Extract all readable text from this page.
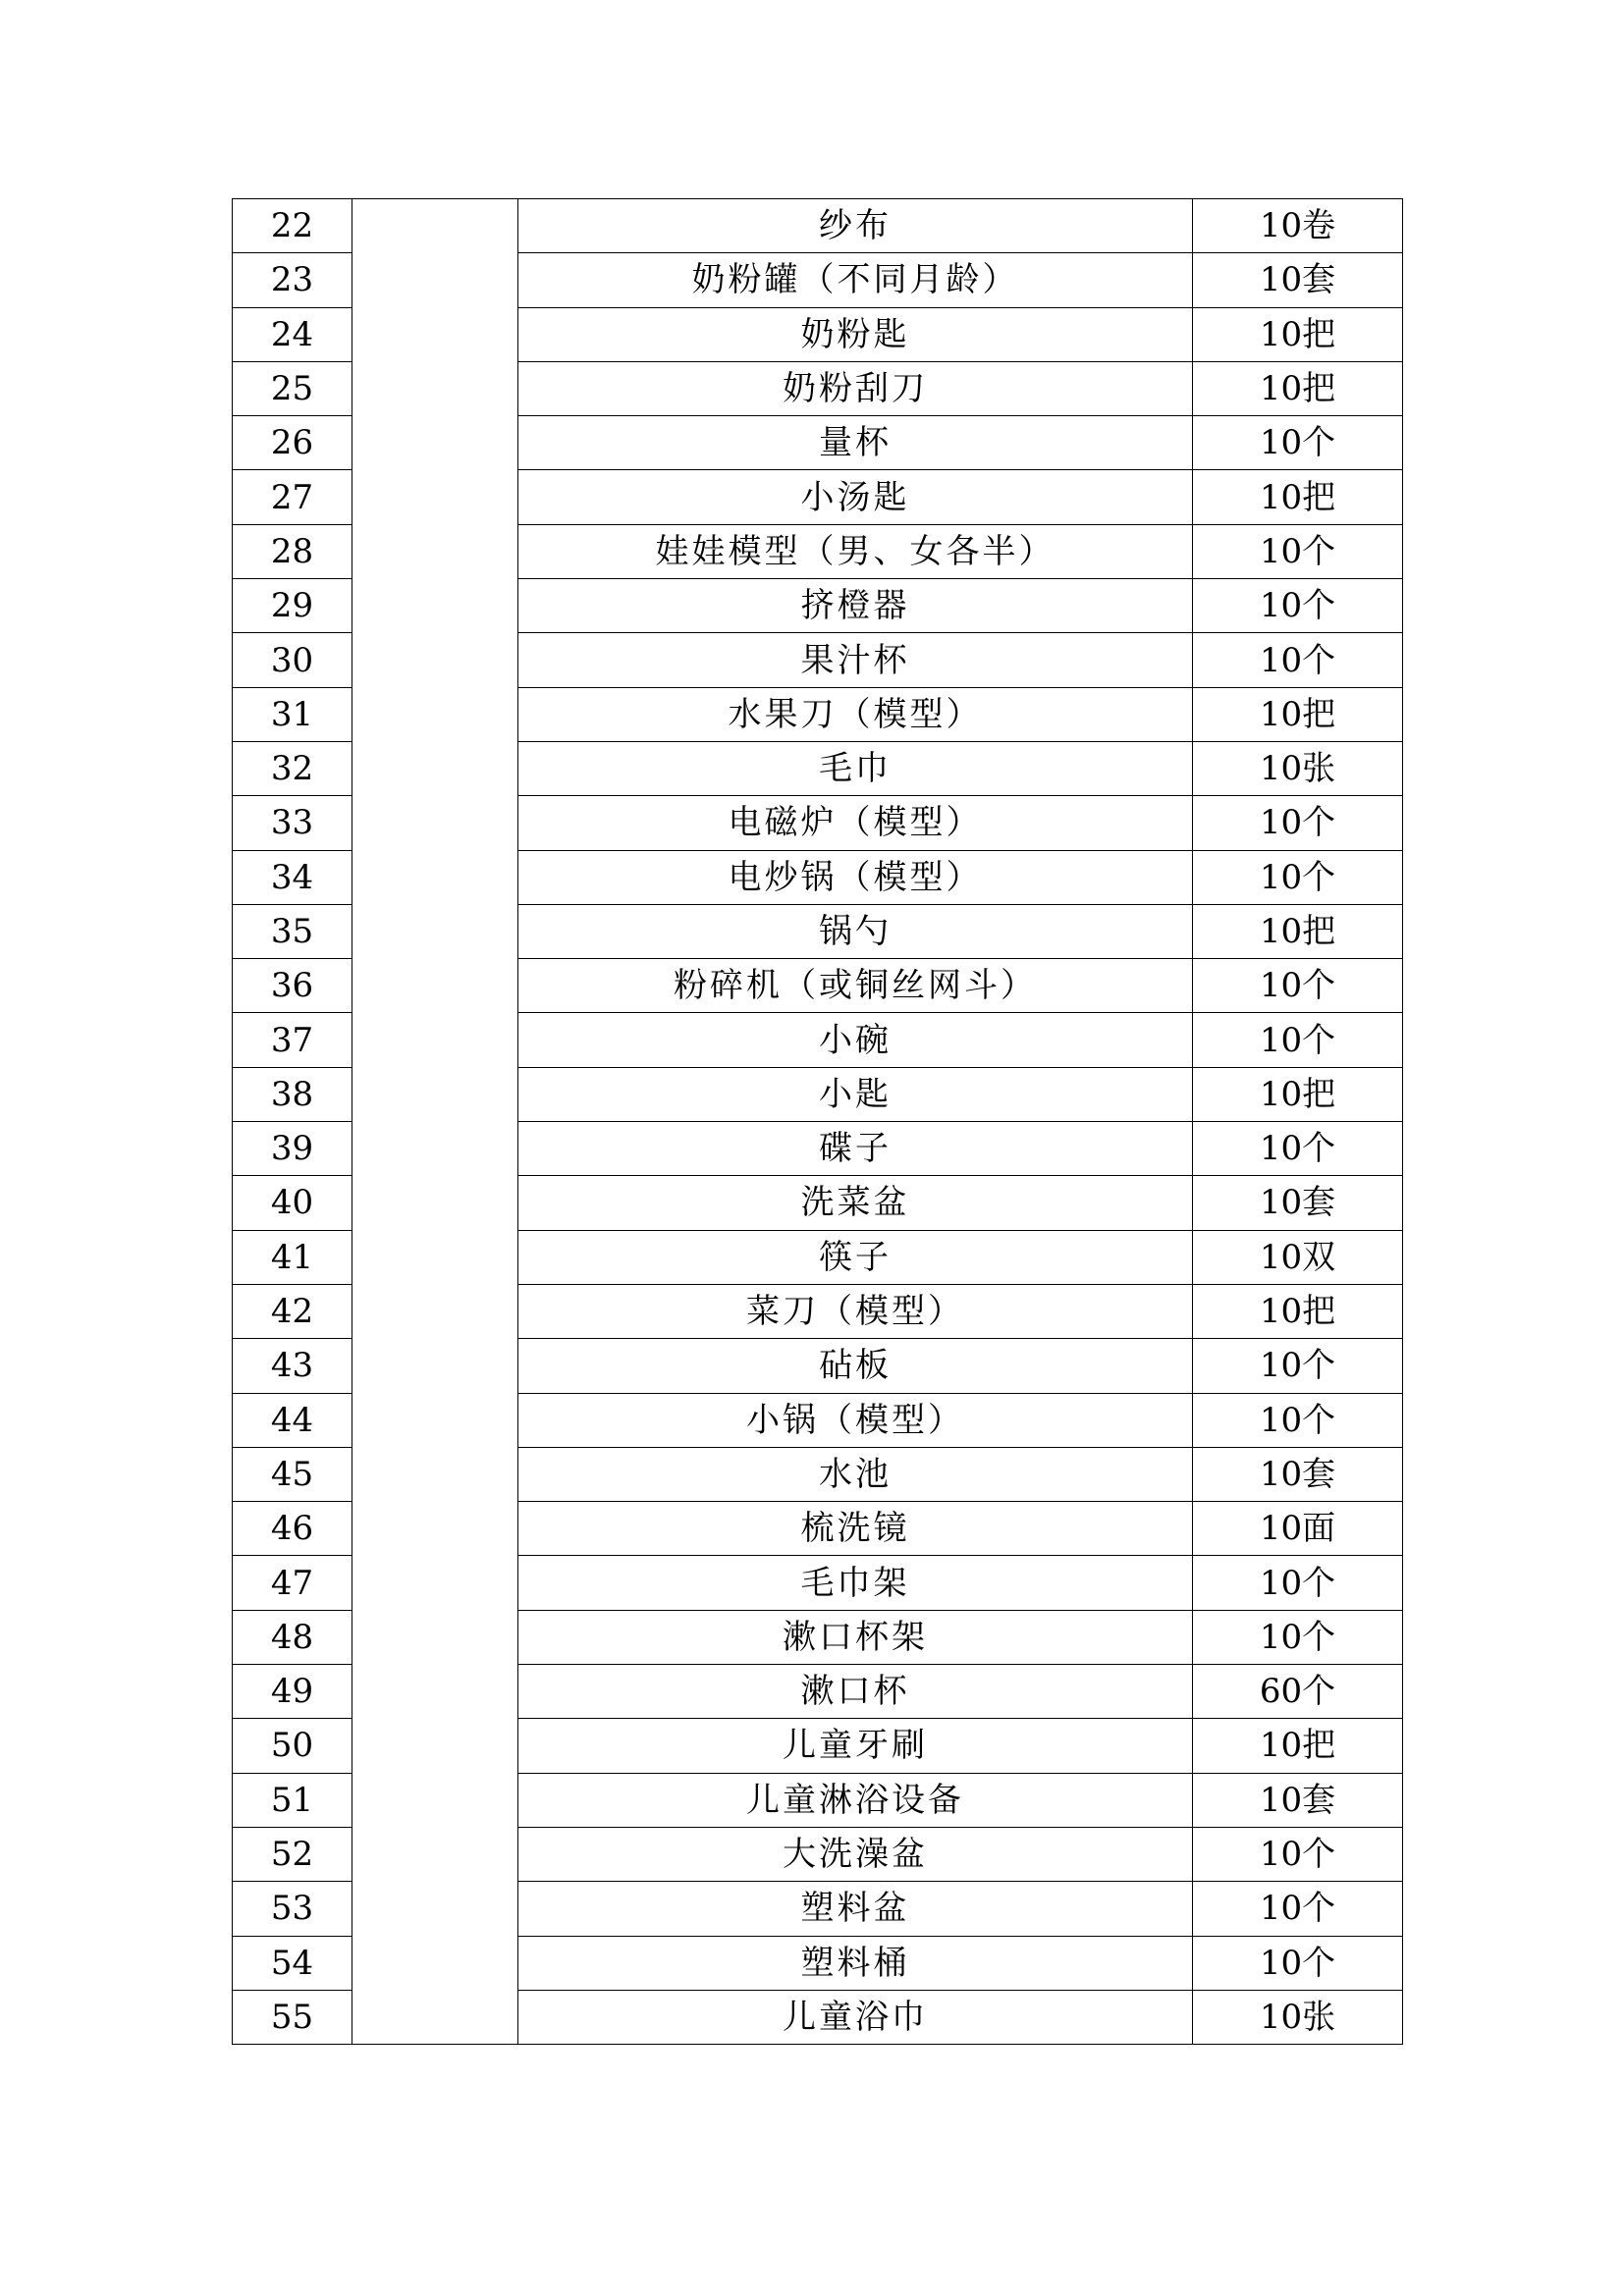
22		纱布	10卷
23		奶粉罐（不同月龄）	10套
24		奶粉匙	10把
25		奶粉刮刀	10把
26		量杯	10个
27		小汤匙	10把
28		娃娃模型（男、女各半）	10个
29		挤橙器	10个
30		果汁杯	10个
31		水果刀（模型）	10把
32		毛巾	10张
33		电磁炉（模型）	10个
34		电炒锅（模型）	10个
35		锅勺	10把
36		粉碎机（或铜丝网斗）	10个
37		小碗	10个
38		小匙	10把
39		碟子	10个
40		洗菜盆	10套
41		筷子	10双
42		菜刀（模型）	10把
43		砧板	10个
44		小锅（模型）	10个
45		水池	10套
46		梳洗镜	10面
47		毛巾架	10个
48		漱口杯架	10个
49		漱口杯	60个
50		儿童牙刷	10把
51		儿童淋浴设备	10套
52		大洗澡盆	10个
53		塑料盆	10个
54		塑料桶	10个
55		儿童浴巾	10张
